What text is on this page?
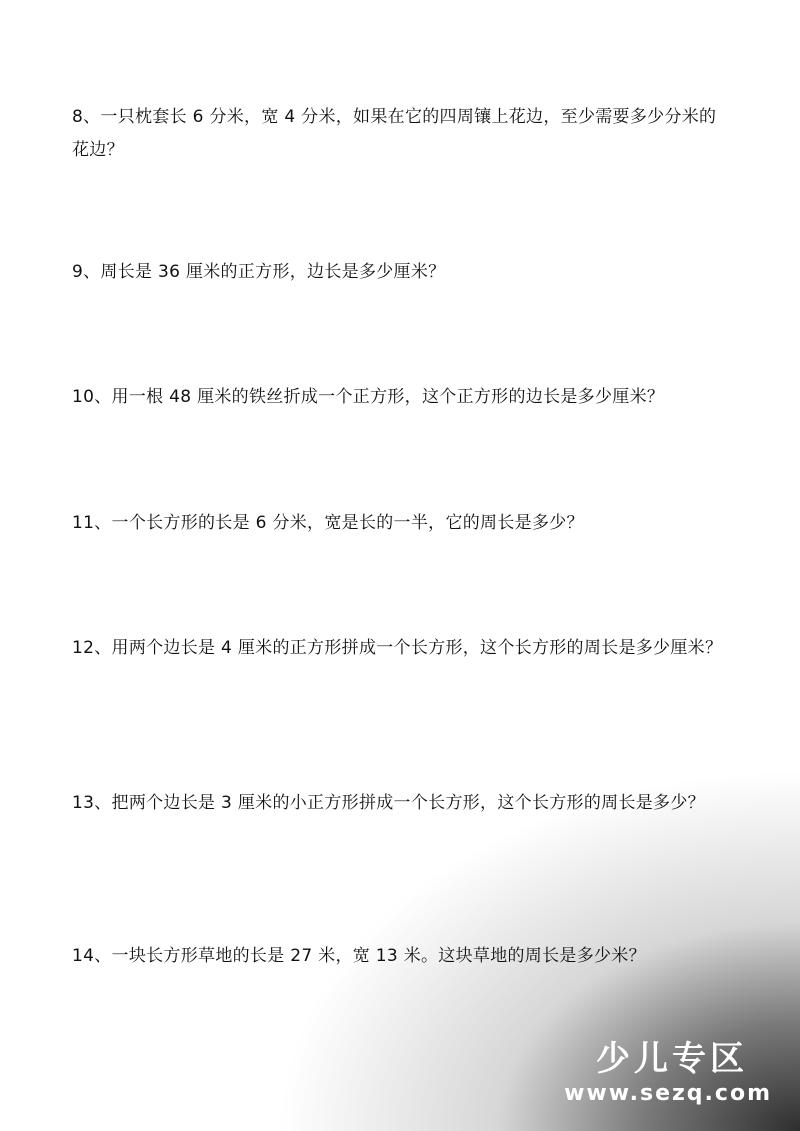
8、一只枕套长 6 分米，宽 4 分米，如果在它的四周镶上花边，至少需要多少分米的花边？

9、周长是 36 厘米的正方形，边长是多少厘米？

10、用一根 48 厘米的铁丝折成一个正方形，这个正方形的边长是多少厘米？

11、一个长方形的长是 6 分米，宽是长的一半，它的周长是多少？

12、用两个边长是 4 厘米的正方形拼成一个长方形，这个长方形的周长是多少厘米？

13、把两个边长是 3 厘米的小正方形拼成一个长方形，这个长方形的周长是多少？

14、一块长方形草地的长是 27 米，宽 13 米。这块草地的周长是多少米？

少儿专区
www.sezq.com
